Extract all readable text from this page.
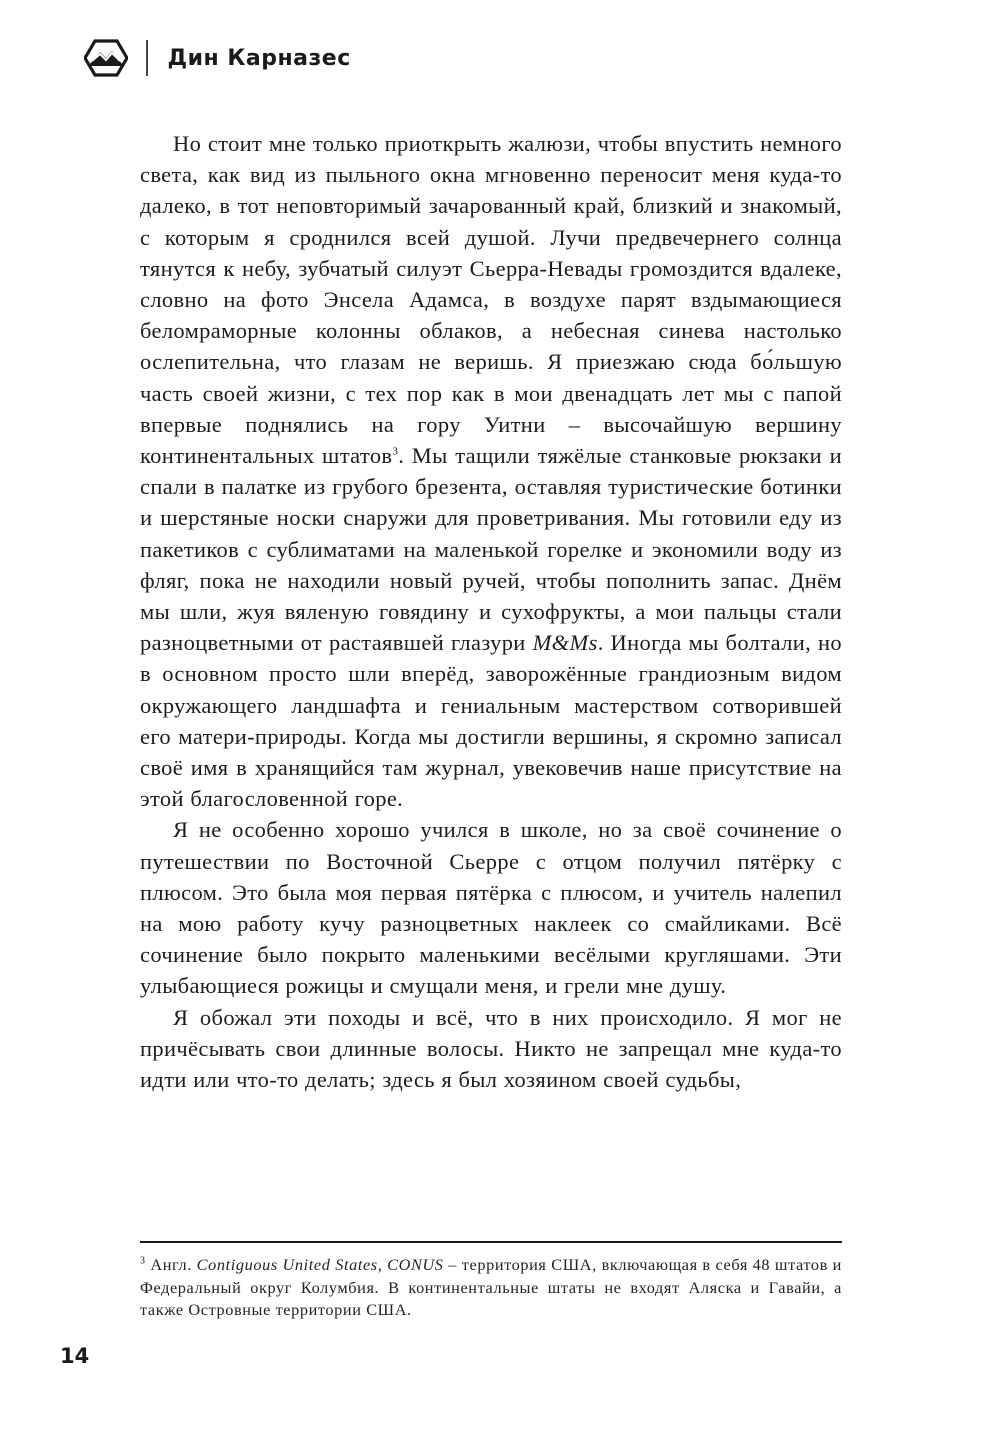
Дин Карназес

Но стоит мне только приоткрыть жалюзи, чтобы впустить немного света, как вид из пыльного окна мгновенно переносит меня куда-то далеко, в тот неповторимый зачарованный край, близкий и знакомый, с которым я сроднился всей душой. Лучи предвечернего солнца тянутся к небу, зубчатый силуэт Сьерра-Невады громоздится вдалеке, словно на фото Энсела Адамса, в воздухе парят вздымающиеся беломраморные колонны облаков, а небесная синева настолько ослепительна, что глазам не веришь. Я приезжаю сюда бо́льшую часть своей жизни, с тех пор как в мои двенадцать лет мы с папой впервые поднялись на гору Уитни – высочайшую вершину континентальных штатов$^3$. Мы тащили тяжёлые станковые рюкзаки и спали в палатке из грубого брезента, оставляя туристические ботинки и шерстяные носки снаружи для проветривания. Мы готовили еду из пакетиков с сублиматами на маленькой горелке и экономили воду из фляг, пока не находили новый ручей, чтобы пополнить запас. Днём мы шли, жуя вяленую говядину и сухофрукты, а мои пальцы стали разноцветными от растаявшей глазури M&Ms. Иногда мы болтали, но в основном просто шли вперёд, заворожённые грандиозным видом окружающего ландшафта и гениальным мастерством сотворившей его матери-природы. Когда мы достигли вершины, я скромно записал своё имя в хранящийся там журнал, увековечив наше присутствие на этой благословенной горе.

Я не особенно хорошо учился в школе, но за своё сочинение о путешествии по Восточной Сьерре с отцом получил пятёрку с плюсом. Это была моя первая пятёрка с плюсом, и учитель налепил на мою работу кучу разноцветных наклеек со смайликами. Всё сочинение было покрыто маленькими весёлыми кругляшами. Эти улыбающиеся рожицы и смущали меня, и грели мне душу.

Я обожал эти походы и всё, что в них происходило. Я мог не причёсывать свои длинные волосы. Никто не запрещал мне куда-то идти или что-то делать; здесь я был хозяином своей судьбы,

$^3$ Англ. Contiguous United States, CONUS – территория США, включающая в себя 48 штатов и Федеральный округ Колумбия. В континентальные штаты не входят Аляска и Гавайи, а также Островные территории США.
14
